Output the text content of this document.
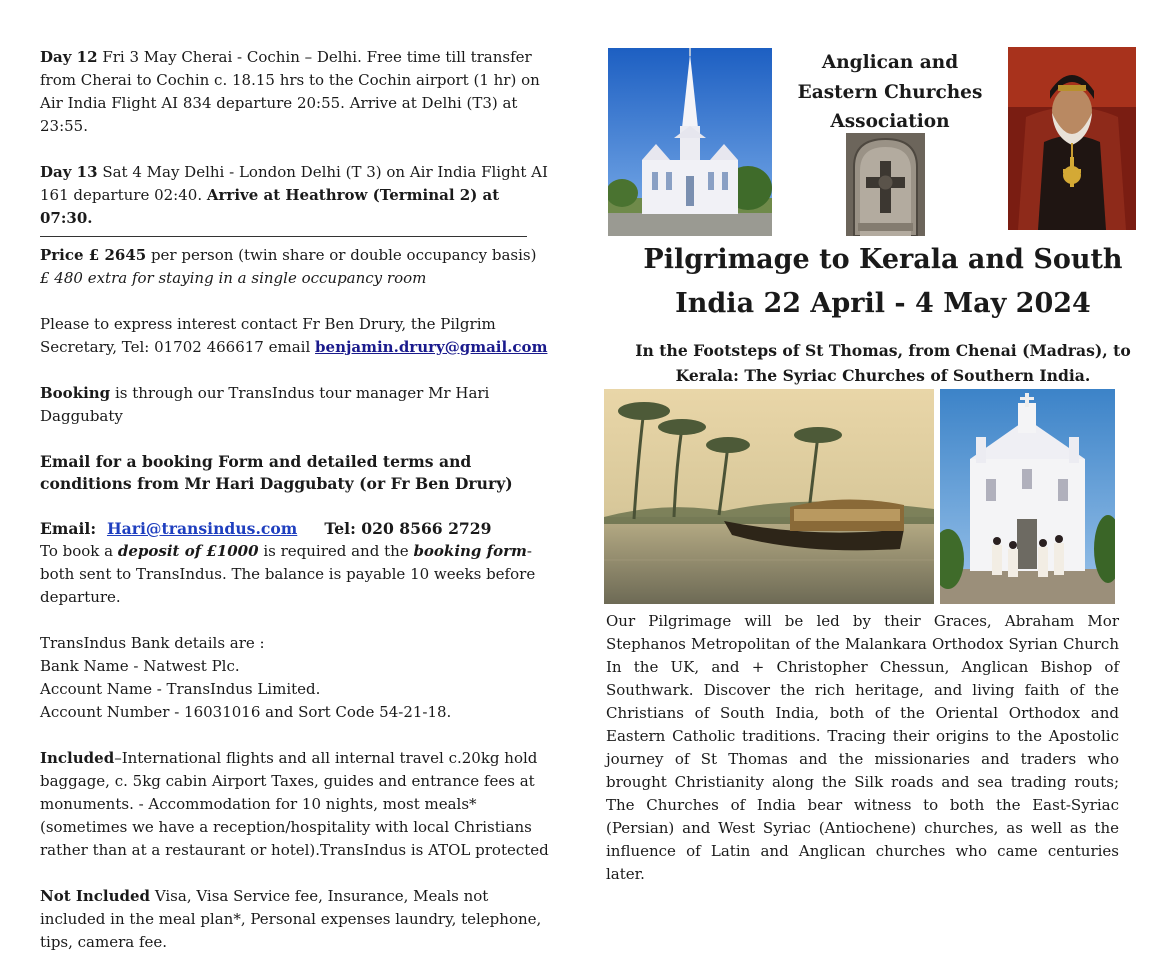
Day 12 Fri 3 May Cherai - Cochin – Delhi. Free time till transfer from Cherai to Cochin c. 18.15 hrs to the Cochin airport (1 hr) on Air India Flight AI 834 departure 20:55. Arrive at Delhi (T3) at 23:55.

Day 13 Sat 4 May Delhi - London Delhi (T 3) on Air India Flight AI 161 departure 02:40. Arrive at Heathrow (Terminal 2) at 07:30.

Price £ 2645 per person (twin share or double occupancy basis)

£ 480 extra for staying in a single occupancy room

Please to express interest contact Fr Ben Drury, the Pilgrim Secretary, Tel: 01702 466617 email benjamin.drury@gmail.com

Booking is through our TransIndus tour manager Mr Hari Daggubaty

Email for a booking Form and detailed terms and conditions from Mr Hari Daggubaty (or Fr Ben Drury)

Email:  Hari@transindus.com     Tel: 020 8566 2729

To book a deposit of £1000 is required and the booking form- both sent to TransIndus. The balance is payable 10 weeks before departure.

TransIndus Bank details are :

Bank Name - Natwest Plc.

Account Name - TransIndus Limited.

Account Number - 16031016 and Sort Code 54-21-18.

Included–International flights and all internal travel c.20kg hold baggage, c. 5kg cabin Airport Taxes, guides and entrance fees at monuments. - Accommodation for 10 nights, most meals*(sometimes we have a reception/hospitality with local Christians rather than at a restaurant or hotel).TransIndus is ATOL protected

Not Included Visa, Visa Service fee, Insurance, Meals not included in the meal plan*, Personal expenses laundry, telephone, tips, camera fee.

Anglican and
Eastern Churches
Association
Pilgrimage to Kerala and South
India 22 April - 4 May 2024
In the Footsteps of St Thomas, from Chenai (Madras), to
Kerala: The Syriac Churches of Southern India.
Our Pilgrimage will be led by their Graces, Abraham Mor Stephanos Metropolitan of the Malankara Orthodox Syrian Church In the UK, and + Christopher Chessun, Anglican Bishop of Southwark. Discover the rich heritage, and living faith of the Christians of South India, both of the Oriental Orthodox and Eastern Catholic traditions. Tracing their origins to the Apostolic journey of St Thomas and the missionaries and traders who brought Christianity along the Silk roads and sea trading routs; The Churches of India bear witness to both the East-Syriac (Persian) and West Syriac (Antiochene) churches, as well as the influence of Latin and Anglican churches who came centuries later.
